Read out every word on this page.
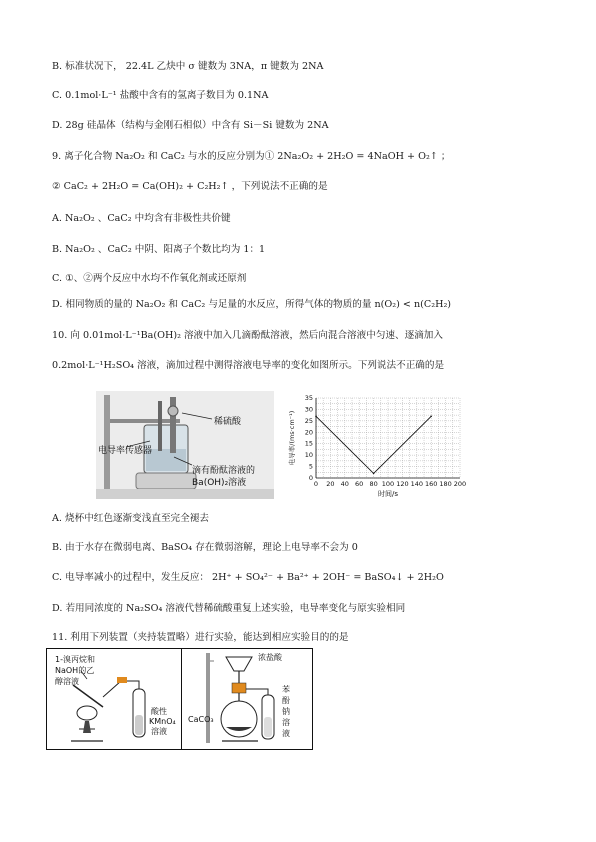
B. 标准状况下， 22.4L 乙炔中 σ 键数为 3NA，π 键数为 2NA
C. 0.1mol·L⁻¹ 盐酸中含有的氢离子数目为 0.1NA
D. 28g 硅晶体（结构与金刚石相似）中含有 Si－Si 键数为 2NA
9. 离子化合物 Na₂O₂ 和 CaC₂ 与水的反应分别为① 2Na₂O₂ + 2H₂O = 4NaOH + O₂↑ ；
② CaC₂ + 2H₂O = Ca(OH)₂ + C₂H₂↑ ，下列说法不正确的是
A. Na₂O₂ 、CaC₂ 中均含有非极性共价键
B. Na₂O₂ 、CaC₂ 中阴、阳离子个数比均为 1：1
C. ①、②两个反应中水均不作氧化剂或还原剂
D. 相同物质的量的 Na₂O₂ 和 CaC₂ 与足量的水反应，所得气体的物质的量 n(O₂) < n(C₂H₂)
10. 向 0.01mol·L⁻¹Ba(OH)₂ 溶液中加入几滴酚酞溶液，然后向混合溶液中匀速、逐滴加入
0.2mol·L⁻¹H₂SO₄ 溶液，滴加过程中测得溶液电导率的变化如图所示。下列说法不正确的是
稀硫酸
电导率传感器
滴有酚酞溶液的
Ba(OH)₂溶液	0 20 40 60 80 100 120 140 160 180 200
0
5
10
15
20
25
30
35
时间/s
电导率/(ms·cm⁻¹)
A. 烧杯中红色逐渐变浅直至完全褪去
B. 由于水存在微弱电离、BaSO₄ 存在微弱溶解，理论上电导率不会为 0
C. 电导率减小的过程中，发生反应： 2H⁺ + SO₄²⁻ + Ba²⁺ + 2OH⁻ = BaSO₄↓ + 2H₂O
D. 若用同浓度的 Na₂SO₄ 溶液代替稀硫酸重复上述实验，电导率变化与原实验相同
11. 利用下列装置（夹持装置略）进行实验，能达到相应实验目的的是
1-溴丙烷和
NaOH的乙
醇溶液
酸性
KMnO₄
溶液
浓盐酸
CaCO₃
苯
酚
钠
溶
液
